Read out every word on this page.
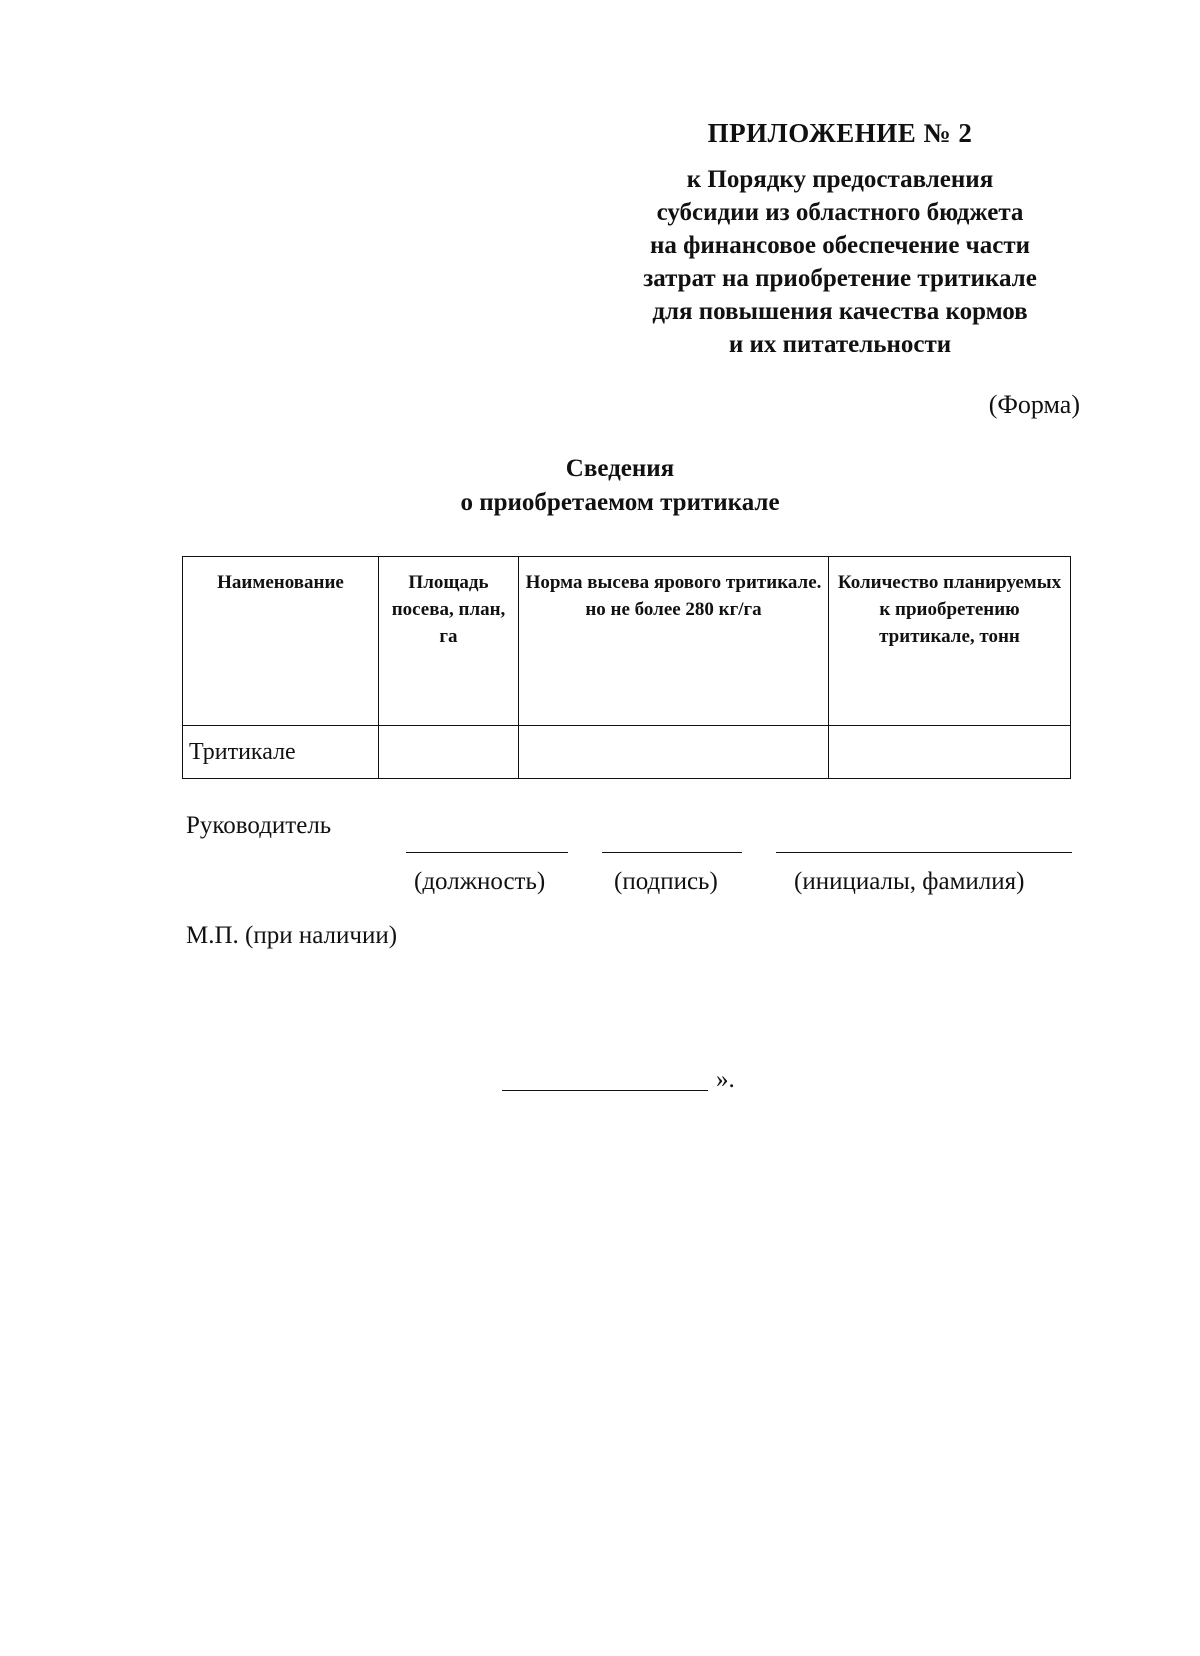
ПРИЛОЖЕНИЕ № 2
к Порядку предоставления
субсидии из областного бюджета
на финансовое обеспечение части
затрат на приобретение тритикале
для повышения качества кормов
и их питательности
(Форма)
Сведения
о приобретаемом тритикале
Наименование	Площадь посева, план, га	Норма высева ярового тритикале. но не более 280 кг/га	Количество планируемых к приобретению тритикале, тонн
Тритикале			
Руководитель
(должность)	(подпись)	(инициалы, фамилия)
М.П. (при наличии)
».
